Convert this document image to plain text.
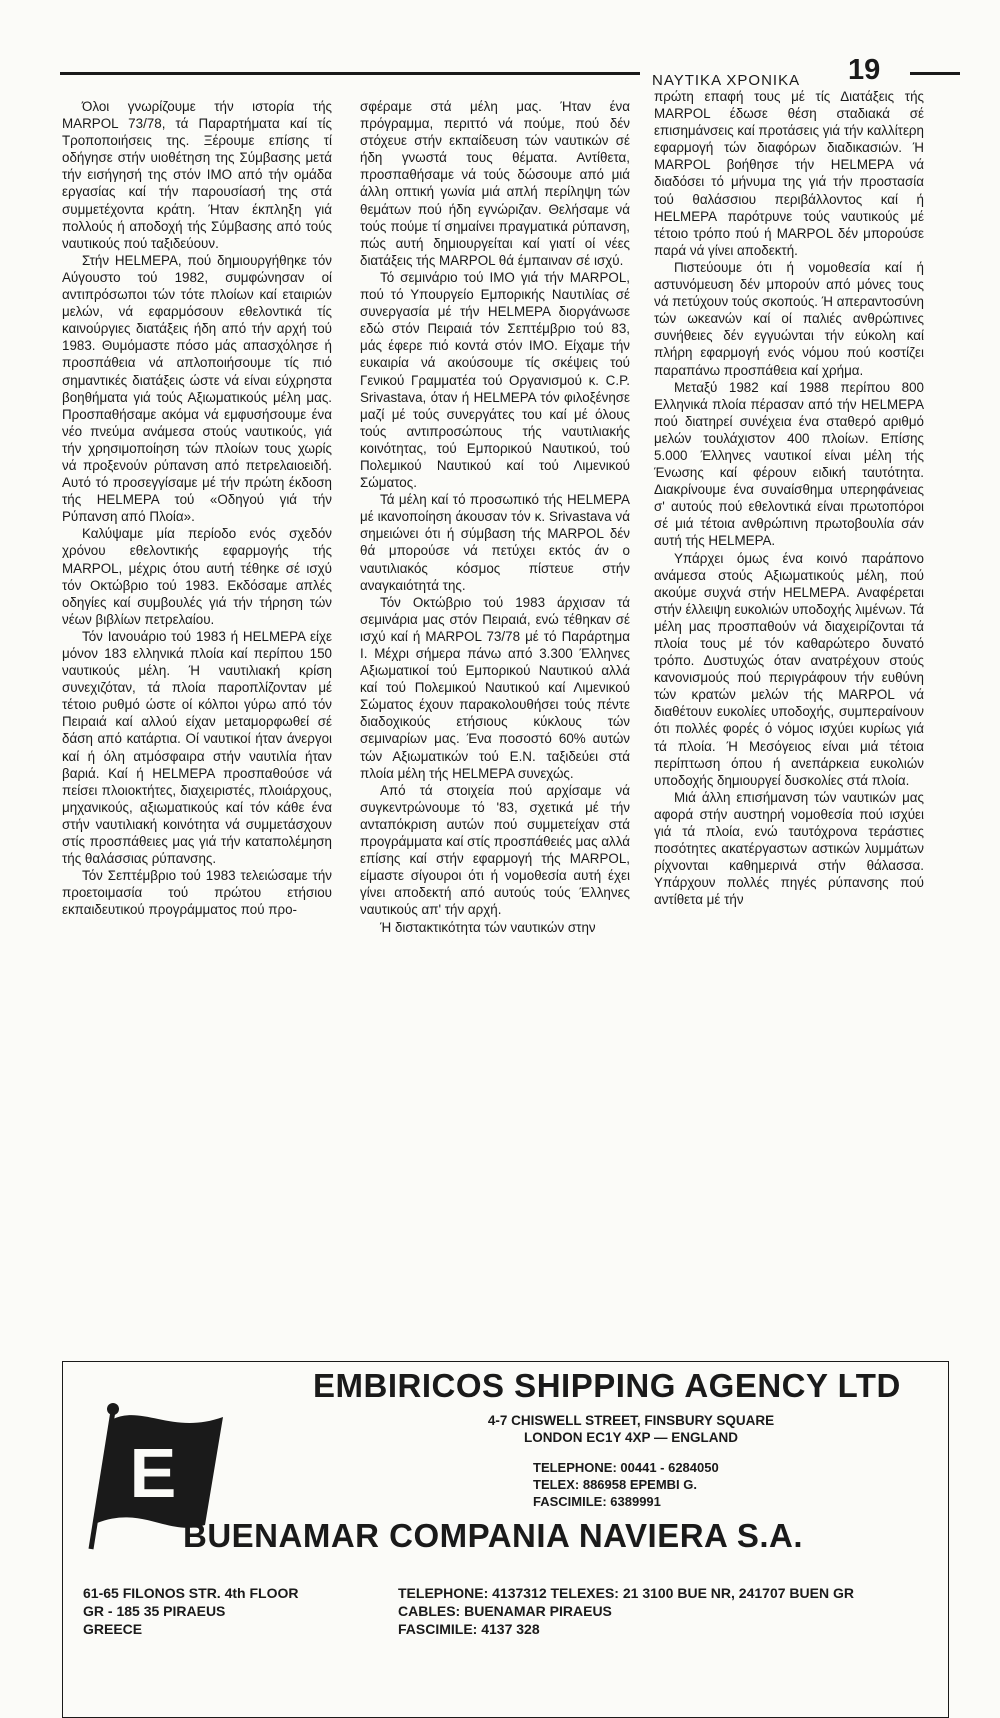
ΝΑΥΤΙΚΑ ΧΡΟΝΙΚΑ 19

Όλοι γνωρίζουμε τήν ιστορία τής MARPOL 73/78, τά Παραρτήματα καί τίς Τροποποιήσεις της. Ξέρουμε επίσης τί οδήγησε στήν υιοθέτηση της Σύμβασης μετά τήν εισήγησή της στόν IMO από τήν ομάδα εργασίας καί τήν παρουσίασή της στά συμμετέχοντα κράτη. Ήταν έκπληξη γιά πολλούς ή αποδοχή τής Σύμβασης από τούς ναυτικούς πού ταξιδεύουν.

Στήν HELMEPA, πού δημιουργήθηκε τόν Αύγουστο τού 1982, συμφώνησαν οί αντιπρόσωποι τών τότε πλοίων καί εταιριών μελών, νά εφαρμόσουν εθελοντικά τίς καινούργιες διατάξεις ήδη από τήν αρχή τού 1983. Θυμόμαστε πόσο μάς απασχόλησε ή προσπάθεια νά απλοποιήσουμε τίς πιό σημαντικές διατάξεις ώστε νά είναι εύχρηστα βοηθήματα γιά τούς Αξιωματικούς μέλη μας. Προσπαθήσαμε ακόμα νά εμφυσήσουμε ένα νέο πνεύμα ανάμεσα στούς ναυτικούς, γιά τήν χρησιμοποίηση τών πλοίων τους χωρίς νά προξενούν ρύπανση από πετρελαιοειδή. Αυτό τό προσεγγίσαμε μέ τήν πρώτη έκδοση τής HELMEPA τού «Οδηγού γιά τήν Ρύπανση από Πλοία».

Καλύψαμε μία περίοδο ενός σχεδόν χρόνου εθελοντικής εφαρμογής τής MARPOL, μέχρις ότου αυτή τέθηκε σέ ισχύ τόν Οκτώβριο τού 1983. Εκδόσαμε απλές οδηγίες καί συμβουλές γιά τήν τήρηση τών νέων βιβλίων πετρελαίου.

Τόν Ιανουάριο τού 1983 ή HELMEPA είχε μόνον 183 ελληνικά πλοία καί περίπου 150 ναυτικούς μέλη. Ή ναυτιλιακή κρίση συνεχιζόταν, τά πλοία παροπλίζονταν μέ τέτοιο ρυθμό ώστε οί κόλποι γύρω από τόν Πειραιά καί αλλού είχαν μεταμορφωθεί σέ δάση από κατάρτια. Οί ναυτικοί ήταν άνεργοι καί ή όλη ατμόσφαιρα στήν ναυτιλία ήταν βαριά. Καί ή HELMEPA προσπαθούσε νά πείσει πλοιοκτήτες, διαχειριστές, πλοιάρχους, μηχανικούς, αξιωματικούς καί τόν κάθε ένα στήν ναυτιλιακή κοινότητα νά συμμετάσχουν στίς προσπάθειες μας γιά τήν καταπολέμηση τής θαλάσσιας ρύπανσης.

Τόν Σεπτέμβριο τού 1983 τελειώσαμε τήν προετοιμασία τού πρώτου ετήσιου εκπαιδευτικού προγράμματος πού προ-

σφέραμε στά μέλη μας. Ήταν ένα πρόγραμμα, περιττό νά πούμε, πού δέν στόχευε στήν εκπαίδευση τών ναυτικών σέ ήδη γνωστά τους θέματα. Αντίθετα, προσπαθήσαμε νά τούς δώσουμε από μιά άλλη οπτική γωνία μιά απλή περίληψη τών θεμάτων πού ήδη εγνώριζαν. Θελήσαμε νά τούς πούμε τί σημαίνει πραγματικά ρύπανση, πώς αυτή δημιουργείται καί γιατί οί νέες διατάξεις τής MARPOL θά έμπαιναν σέ ισχύ.

Τό σεμινάριο τού IMO γιά τήν MARPOL, πού τό Υπουργείο Εμπορικής Ναυτιλίας σέ συνεργασία μέ τήν HELMEPA διοργάνωσε εδώ στόν Πειραιά τόν Σεπτέμβριο τού 83, μάς έφερε πιό κοντά στόν IMO. Είχαμε τήν ευκαιρία νά ακούσουμε τίς σκέψεις τού Γενικού Γραμματέα τού Οργανισμού κ. C.P. Srivastava, όταν ή HELMEPA τόν φιλοξένησε μαζί μέ τούς συνεργάτες του καί μέ όλους τούς αντιπροσώπους τής ναυτιλιακής κοινότητας, τού Εμπορικού Ναυτικού, τού Πολεμικού Ναυτικού καί τού Λιμενικού Σώματος.

Τά μέλη καί τό προσωπικό τής HELMEPA μέ ικανοποίηση άκουσαν τόν κ. Srivastava νά σημειώνει ότι ή σύμβαση τής MARPOL δέν θά μπορούσε νά πετύχει εκτός άν ο ναυτιλιακός κόσμος πίστευε στήν αναγκαιότητά της.

Τόν Οκτώβριο τού 1983 άρχισαν τά σεμινάρια μας στόν Πειραιά, ενώ τέθηκαν σέ ισχύ καί ή MARPOL 73/78 μέ τό Παράρτημα I. Μέχρι σήμερα πάνω από 3.300 Έλληνες Αξιωματικοί τού Εμπορικού Ναυτικού αλλά καί τού Πολεμικού Ναυτικού καί Λιμενικού Σώματος έχουν παρακολουθήσει τούς πέντε διαδοχικούς ετήσιους κύκλους τών σεμιναρίων μας. Ένα ποσοστό 60% αυτών τών Αξιωματικών τού E.N. ταξιδεύει στά πλοία μέλη τής HELMEPA συνεχώς.

Από τά στοιχεία πού αρχίσαμε νά συγκεντρώνουμε τό '83, σχετικά μέ τήν ανταπόκριση αυτών πού συμμετείχαν στά προγράμματα καί στίς προσπάθειές μας αλλά επίσης καί στήν εφαρμογή τής MARPOL, είμαστε σίγουροι ότι ή νομοθεσία αυτή έχει γίνει αποδεκτή από αυτούς τούς Έλληνες ναυτικούς απ' τήν αρχή.

Ή διστακτικότητα τών ναυτικών στην

πρώτη επαφή τους μέ τίς Διατάξεις τής MARPOL έδωσε θέση σταδιακά σέ επισημάνσεις καί προτάσεις γιά τήν καλλίτερη εφαρμογή τών διαφόρων διαδικασιών. Ή MARPOL βοήθησε τήν HELMEPA νά διαδόσει τό μήνυμα της γιά τήν προστασία τού θαλάσσιου περιβάλλοντος καί ή HELMEPA παρότρυνε τούς ναυτικούς μέ τέτοιο τρόπο πού ή MARPOL δέν μπορούσε παρά νά γίνει αποδεκτή.

Πιστεύουμε ότι ή νομοθεσία καί ή αστυνόμευση δέν μπορούν από μόνες τους νά πετύχουν τούς σκοπούς. Ή απεραντοσύνη τών ωκεανών καί οί παλιές ανθρώπινες συνήθειες δέν εγγυώνται τήν εύκολη καί πλήρη εφαρμογή ενός νόμου πού κοστίζει παραπάνω προσπάθεια καί χρήμα.

Μεταξύ 1982 καί 1988 περίπου 800 Ελληνικά πλοία πέρασαν από τήν HELMEPA πού διατηρεί συνέχεια ένα σταθερό αριθμό μελών τουλάχιστον 400 πλοίων. Επίσης 5.000 Έλληνες ναυτικοί είναι μέλη τής Ένωσης καί φέρουν ειδική ταυτότητα. Διακρίνουμε ένα συναίσθημα υπερηφάνειας σ' αυτούς πού εθελοντικά είναι πρωτοπόροι σέ μιά τέτοια ανθρώπινη πρωτοβουλία σάν αυτή τής HELMEPA.

Υπάρχει όμως ένα κοινό παράπονο ανάμεσα στούς Αξιωματικούς μέλη, πού ακούμε συχνά στήν HELMEPA. Αναφέρεται στήν έλλειψη ευκολιών υποδοχής λιμένων. Τά μέλη μας προσπαθούν νά διαχειρίζονται τά πλοία τους μέ τόν καθαρώτερο δυνατό τρόπο. Δυστυχώς όταν ανατρέχουν στούς κανονισμούς πού περιγράφουν τήν ευθύνη τών κρατών μελών τής MARPOL νά διαθέτουν ευκολίες υποδοχής, συμπεραίνουν ότι πολλές φορές ό νόμος ισχύει κυρίως γιά τά πλοία. Ή Μεσόγειος είναι μιά τέτοια περίπτωση όπου ή ανεπάρκεια ευκολιών υποδοχής δημιουργεί δυσκολίες στά πλοία.

Μιά άλλη επισήμανση τών ναυτικών μας αφορά στήν αυστηρή νομοθεσία πού ισχύει γιά τά πλοία, ενώ ταυτόχρονα τεράστιες ποσότητες ακατέργαστων αστικών λυμμάτων ρίχνονται καθημερινά στήν θάλασσα. Υπάρχουν πολλές πηγές ρύπανσης πού αντίθετα μέ τήν

E
EMBIRICOS SHIPPING AGENCY LTD
4-7 CHISWELL STREET, FINSBURY SQUARE
LONDON EC1Y 4XP — ENGLAND
TELEPHONE: 00441 - 6284050
TELEX: 886958 EPEMBI G.
FASCIMILE: 6389991
BUENAMAR COMPANIA NAVIERA S.A.
61-65 FILONOS STR. 4th FLOOR
GR - 185 35 PIRAEUS
GREECE
TELEPHONE: 4137312 TELEXES: 21 3100 BUE NR, 241707 BUEN GR
CABLES: BUENAMAR PIRAEUS
FASCIMILE: 4137 328
